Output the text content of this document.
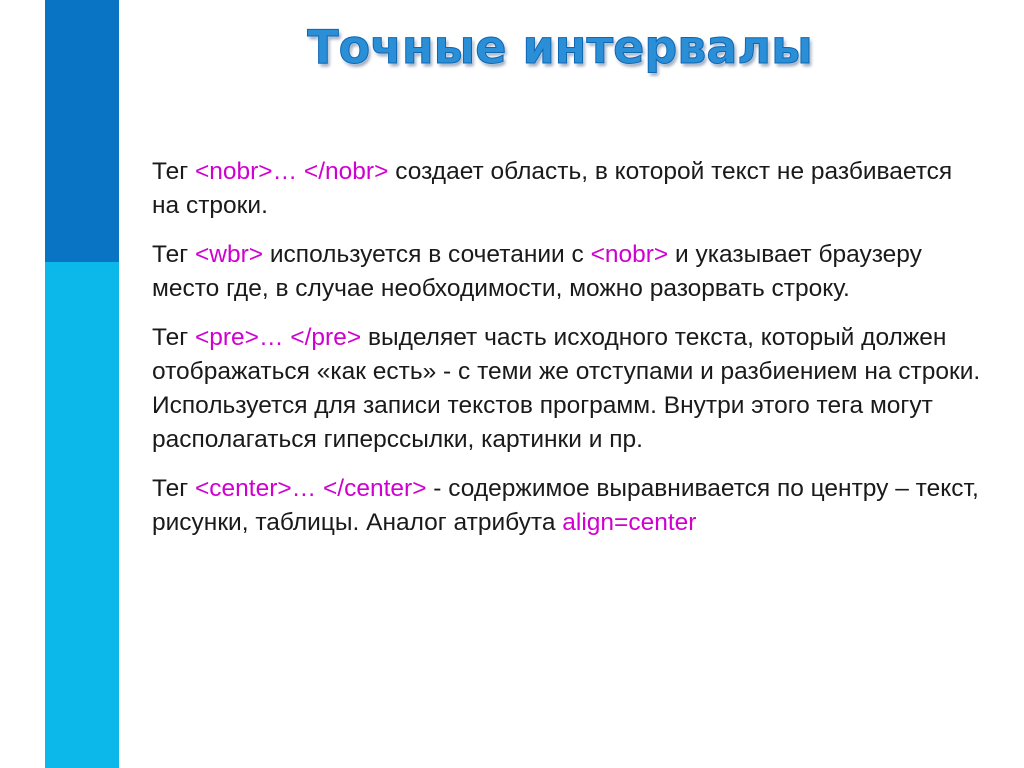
Точные интервалы

Тег <nobr>… </nobr> создает область, в которой текст не разбивается на строки.

Тег <wbr> используется в сочетании с <nobr> и указывает браузеру место где, в случае необходимости, можно разорвать строку.

Тег <pre>… </pre> выделяет часть исходного текста, который должен отображаться «как есть» - с теми же отступами и разбиением на строки. Используется для записи текстов программ. Внутри этого тега могут располагаться гиперссылки, картинки и пр.

Тег <center>… </center> - содержимое выравнивается по центру – текст, рисунки, таблицы. Аналог атрибута align=center
